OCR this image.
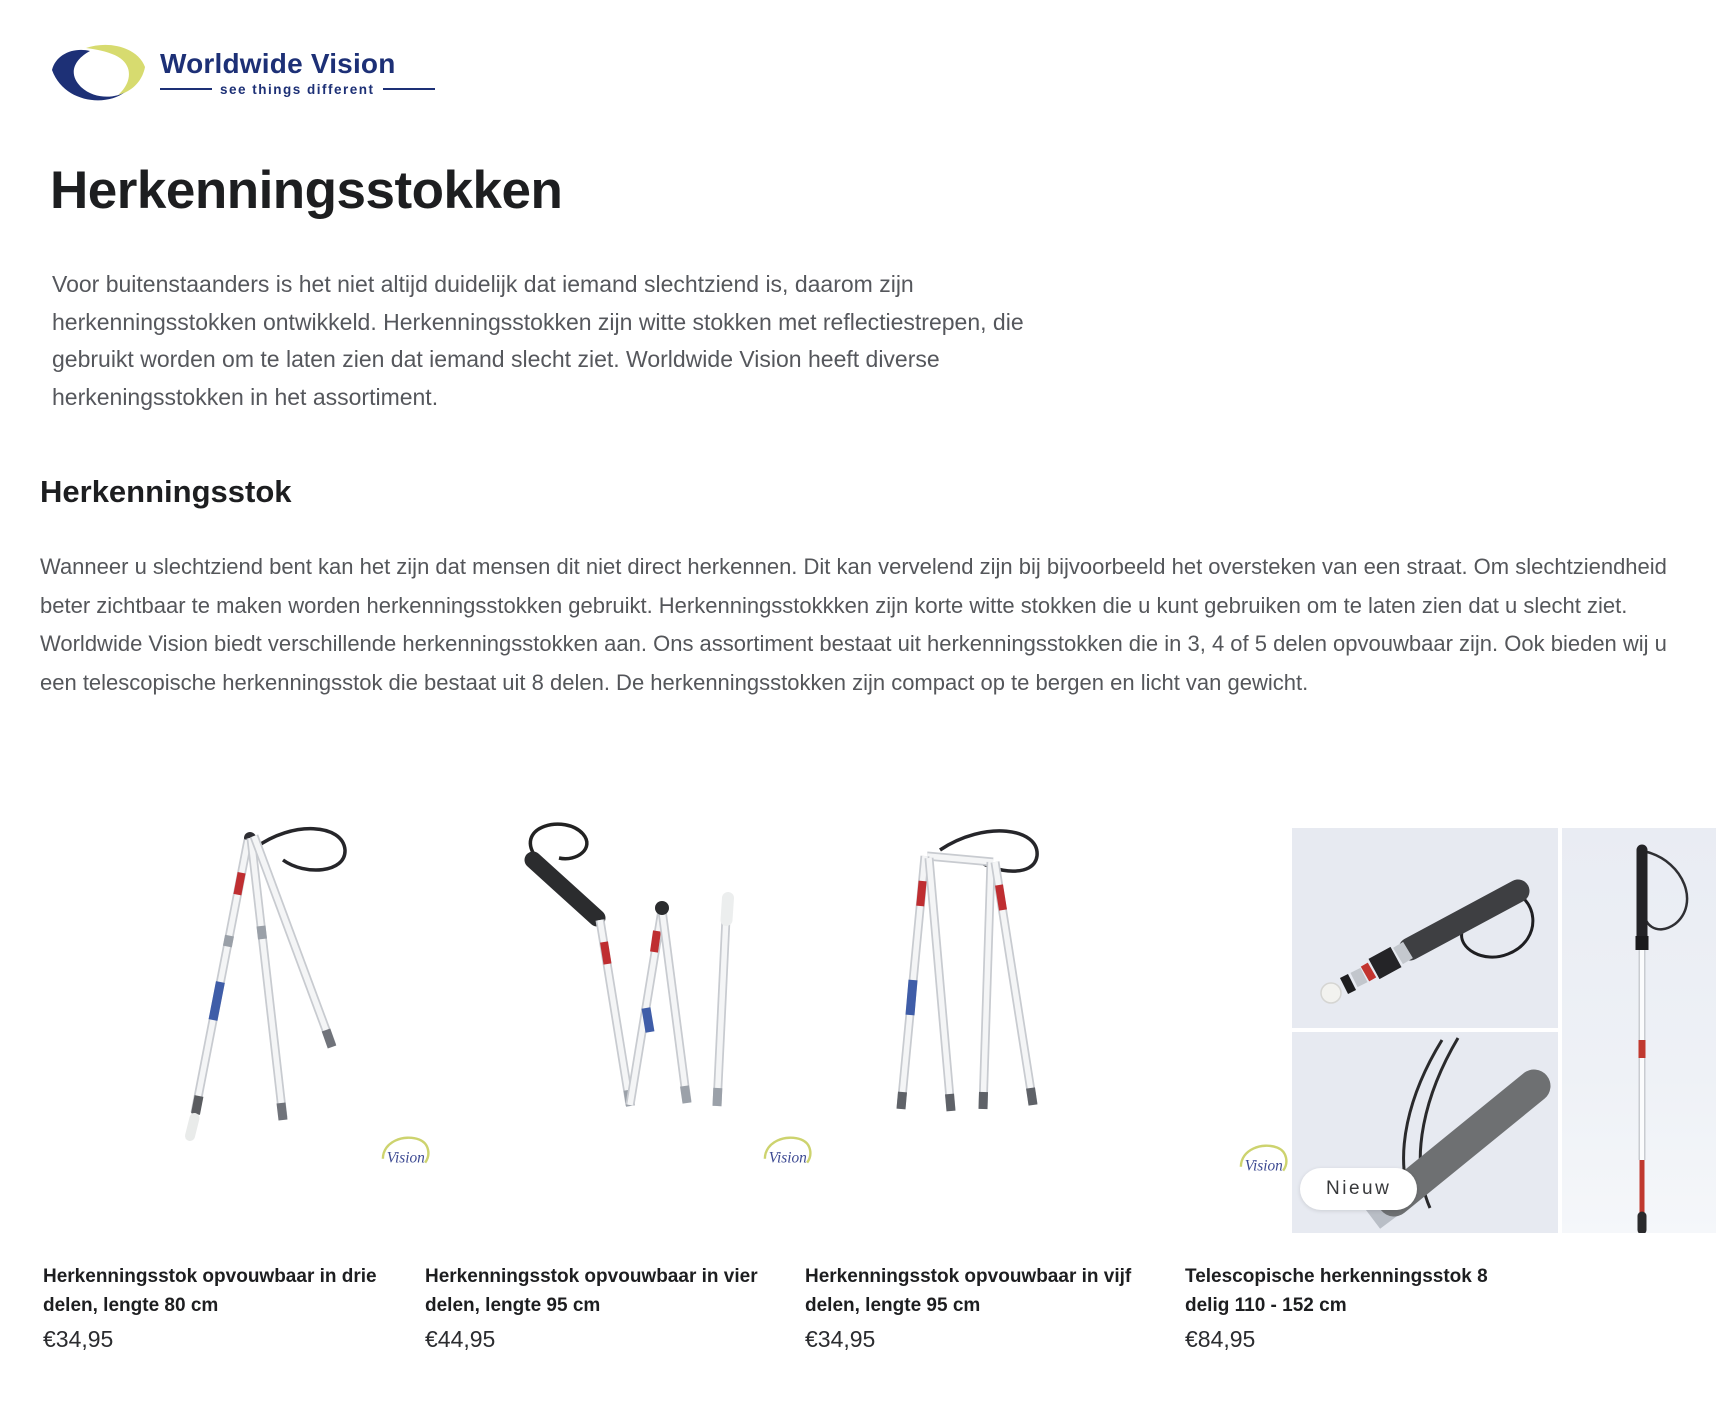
Worldwide Vision
see things different
Herkenningsstokken

Voor buitenstaanders is het niet altijd duidelijk dat iemand slechtziend is, daarom zijn herkenningsstokken ontwikkeld. Herkenningsstokken zijn witte stokken met reflectiestrepen, die gebruikt worden om te laten zien dat iemand slecht ziet. Worldwide Vision heeft diverse herkeningsstokken in het assortiment.

Herkenningsstok

Wanneer u slechtziend bent kan het zijn dat mensen dit niet direct herkennen. Dit kan vervelend zijn bij bijvoorbeeld het oversteken van een straat. Om slechtziendheid beter zichtbaar te maken worden herkenningsstokken gebruikt. Herkenningsstokkken zijn korte witte stokken die u kunt gebruiken om te laten zien dat u slecht ziet. Worldwide Vision biedt verschillende herkenningsstokken aan. Ons assortiment bestaat uit herkenningsstokken die in 3, 4 of 5 delen opvouwbaar zijn. Ook bieden wij u een telescopische herkenningsstok die bestaat uit 8 delen. De herkenningsstokken zijn compact op te bergen en licht van gewicht.

Vision
Herkenningsstok opvouwbaar in drie delen, lengte 80 cm
€34,95
Vision
Herkenningsstok opvouwbaar in vier delen, lengte 95 cm
€44,95
Vision
Herkenningsstok opvouwbaar in vijf delen, lengte 95 cm
€34,95
Nieuw
Telescopische herkenningsstok 8 delig 110 - 152 cm
€84,95
